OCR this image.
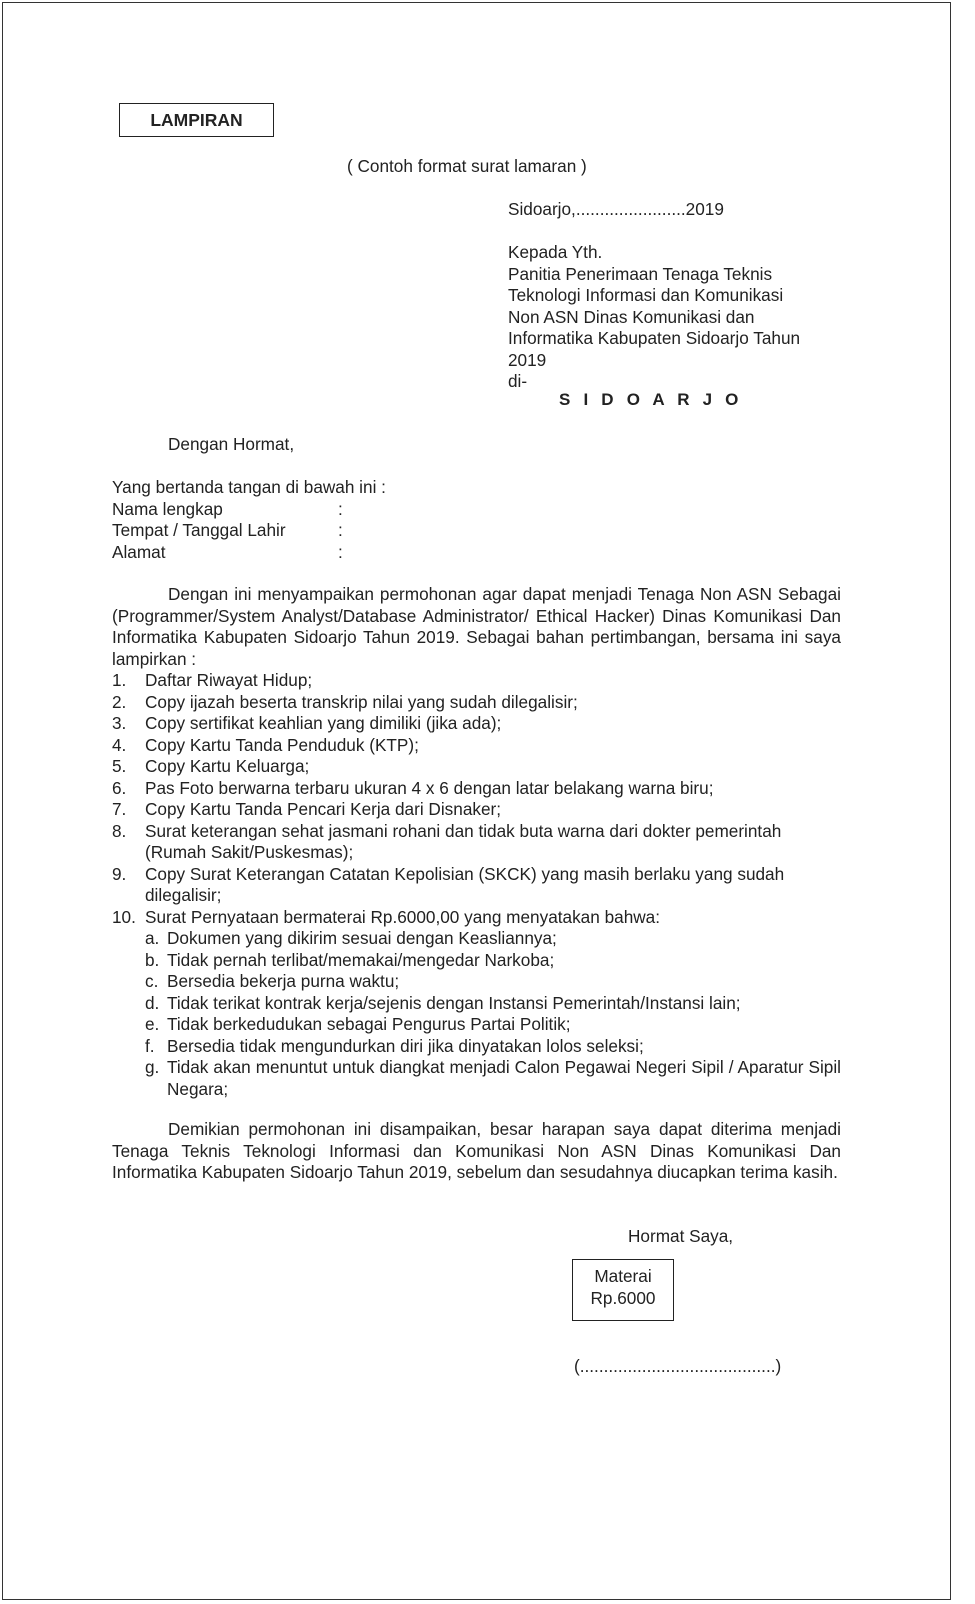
LAMPIRAN
( Contoh format surat lamaran )
Sidoarjo,.......................2019
Kepada Yth.
Panitia Penerimaan Tenaga Teknis
Teknologi Informasi dan Komunikasi
Non ASN Dinas Komunikasi dan
Informatika Kabupaten Sidoarjo Tahun
2019
di-
S I D O A R J O
Dengan Hormat,
Yang bertanda tangan di bawah ini :
Nama lengkap	:
Tempat / Tanggal Lahir	:
Alamat	:
Dengan ini menyampaikan permohonan agar dapat menjadi Tenaga Non ASN Sebagai (Programmer/System Analyst/Database Administrator/ Ethical Hacker) Dinas Komunikasi Dan Informatika Kabupaten Sidoarjo Tahun 2019. Sebagai bahan pertimbangan, bersama ini saya lampirkan :
1.	Daftar Riwayat Hidup;
2.	Copy ijazah beserta transkrip nilai yang sudah dilegalisir;
3.	Copy sertifikat keahlian yang dimiliki (jika ada);
4.	Copy Kartu Tanda Penduduk (KTP);
5.	Copy Kartu Keluarga;
6.	Pas Foto berwarna terbaru ukuran 4 x 6 dengan latar belakang warna biru;
7.	Copy Kartu Tanda Pencari Kerja dari Disnaker;
8.	Surat keterangan sehat jasmani rohani dan tidak buta warna dari dokter pemerintah (Rumah Sakit/Puskesmas);
9.	Copy Surat Keterangan Catatan Kepolisian (SKCK) yang masih berlaku yang sudah dilegalisir;
10. Surat Pernyataan bermaterai Rp.6000,00 yang menyatakan bahwa:
a. Dokumen yang dikirim sesuai dengan Keasliannya;
b. Tidak pernah terlibat/memakai/mengedar Narkoba;
c. Bersedia bekerja purna waktu;
d. Tidak terikat kontrak kerja/sejenis dengan Instansi Pemerintah/Instansi lain;
e. Tidak berkedudukan sebagai Pengurus Partai Politik;
f. Bersedia tidak mengundurkan diri jika dinyatakan lolos seleksi;
g. Tidak akan menuntut untuk diangkat menjadi Calon Pegawai Negeri Sipil / Aparatur Sipil Negara;
Demikian permohonan ini disampaikan, besar harapan saya dapat diterima menjadi Tenaga Teknis Teknologi Informasi dan Komunikasi Non ASN Dinas Komunikasi Dan Informatika Kabupaten Sidoarjo Tahun 2019, sebelum dan sesudahnya diucapkan terima kasih.
Hormat Saya,
Materai
Rp.6000
(.........................................)
